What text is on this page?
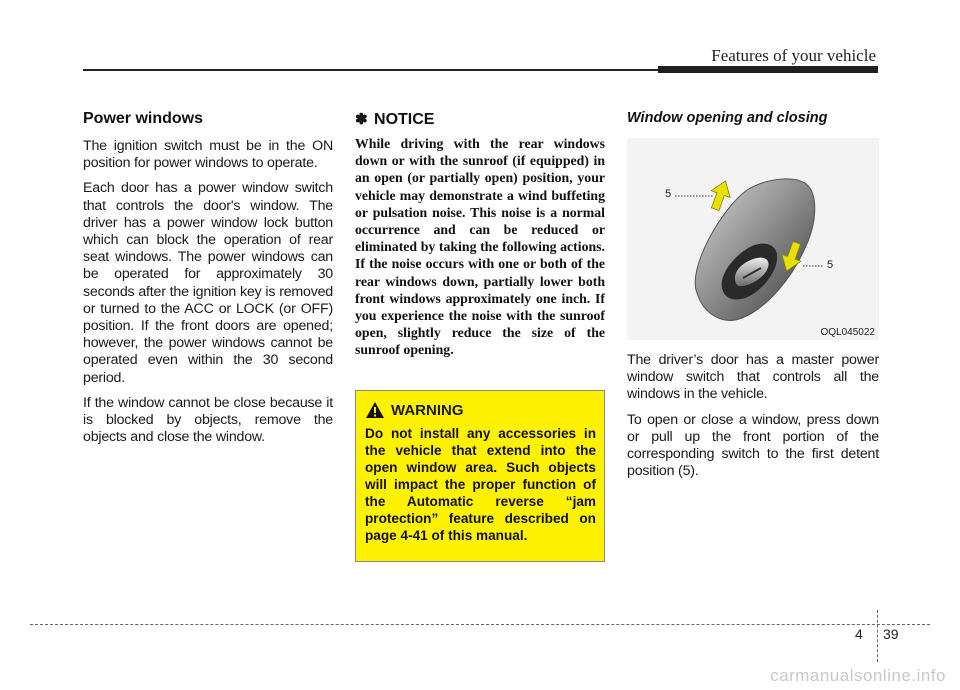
Features of your vehicle
Power windows

The ignition switch must be in the ON position for power windows to operate.

Each door has a power window switch that controls the door's window. The driver has a power window lock button which can block the operation of rear seat windows. The power windows can be operated for approximately 30 seconds after the ignition key is removed or turned to the ACC or LOCK (or OFF) position. If the front doors are opened; however, the power windows cannot be operated even within the 30 second period.

If the window cannot be close because it is blocked by objects, remove the objects and close the window.

✽ NOTICE

While driving with the rear windows down or with the sunroof (if equipped) in an open (or partially open) position, your vehicle may demonstrate a wind buffeting or pulsation noise. This noise is a normal occurrence and can be reduced or eliminated by taking the following actions. If the noise occurs with one or both of the rear windows down, partially lower both front windows approximately one inch. If you experience the noise with the sunroof open, slightly reduce the size of the sunroof opening.

WARNING

Do not install any accessories in the vehicle that extend into the open window area. Such objects will impact the proper function of the Automatic reverse “jam protection” feature described on page 4-41 of this manual.

Window opening and closing
5
5
OQL045022

The driver’s door has a master power window switch that controls all the windows in the vehicle.

To open or close a window, press down or pull up the front portion of the corresponding switch to the first detent position (5).

4 39
carmanualsonline.info
